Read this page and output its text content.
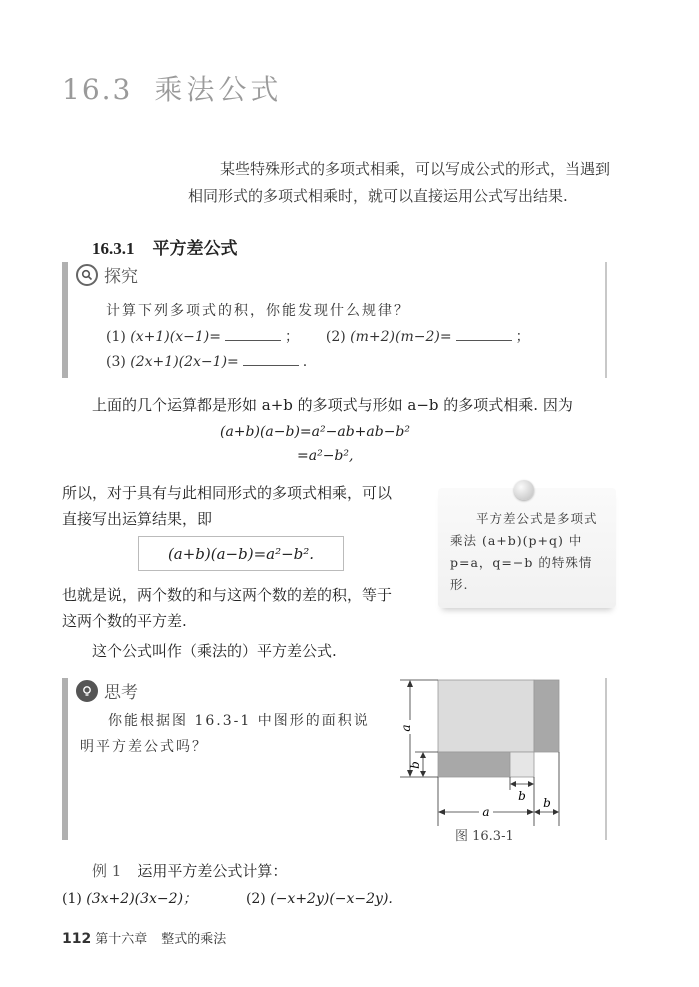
16.3 乘法公式

某些特殊形式的多项式相乘，可以写成公式的形式，当遇到相同形式的多项式相乘时，就可以直接运用公式写出结果.

16.3.1 平方差公式
探究
计算下列多项式的积，你能发现什么规律？
(1) (x+1)(x−1)=	； (2) (m+2)(m−2)=	；
(3) (2x+1)(2x−1)=	.
上面的几个运算都是形如 a+b 的多项式与形如 a−b 的多项式相乘. 因为
(a+b)(a−b)=a²−ab+ab−b²
=a²−b²,
所以，对于具有与此相同形式的多项式相乘，可以
直接写出运算结果，即
(a+b)(a−b)=a²−b².
也就是说，两个数的和与这两个数的差的积，等于
这两个数的平方差.
这个公式叫作（乘法的）平方差公式.
平方差公式是多项式乘法 (a+b)(p+q) 中 p=a，q=−b 的特殊情形.
思考
你能根据图 16.3-1 中图形的面积说明平方差公式吗？
a
b
b
a
b
图 16.3-1
例 1 运用平方差公式计算：
(1) (3x+2)(3x−2)；	(2) (−x+2y)(−x−2y).
112 第十六章 整式的乘法
